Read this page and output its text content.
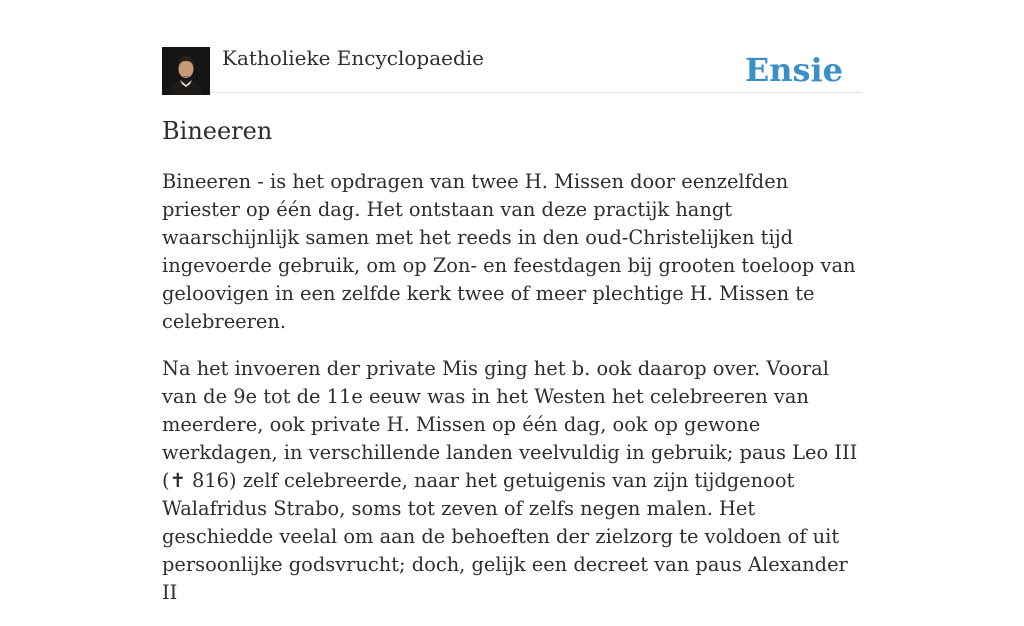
Katholieke Encyclopaedie	Ensie
Bineeren

Bineeren - is het opdragen van twee H. Missen door eenzelfden priester op één dag. Het ontstaan van deze practijk hangt waarschijnlijk samen met het reeds in den oud-Christelijken tijd ingevoerde gebruik, om op Zon- en feestdagen bij grooten toeloop van geloovigen in een zelfde kerk twee of meer plechtige H. Missen te celebreeren.

Na het invoeren der private Mis ging het b. ook daarop over. Vooral van de 9e tot de 11e eeuw was in het Westen het celebreeren van meerdere, ook private H. Missen op één dag, ook op gewone werkdagen, in verschillende landen veelvuldig in gebruik; paus Leo III (✝ 816) zelf celebreerde, naar het getuigenis van zijn tijdgenoot Walafridus Strabo, soms tot zeven of zelfs negen malen. Het geschiedde veelal om aan de behoeften der zielzorg te voldoen of uit persoonlijke godsvrucht; doch, gelijk een decreet van paus Alexander II
